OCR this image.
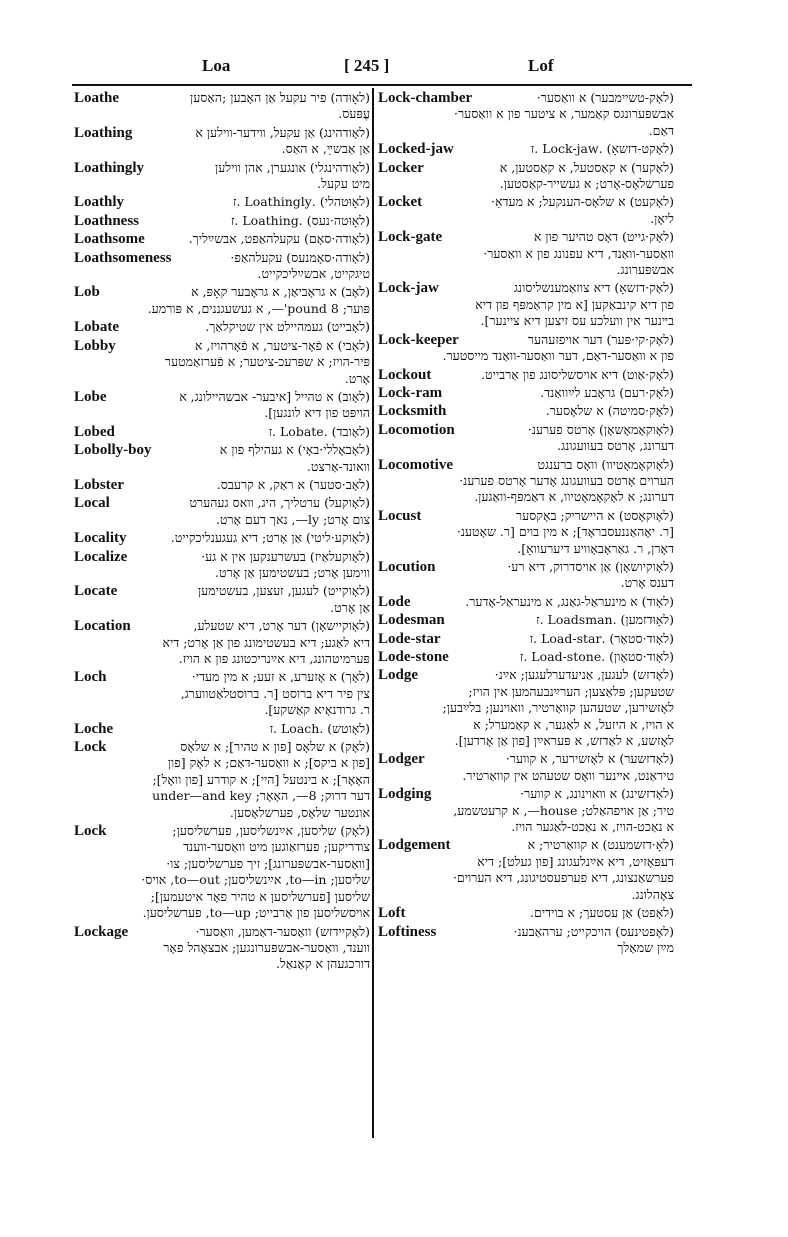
Loa	[ 245 ]	Lof
Loathe	(לאָוּדה) פיר עקעל אַן האָבען ;האַסען
עֶפּעס.
Loathing	(לאָודהינג) אַן עקעל, ווידער-ווילען א
אַן אַבשײַ, א האַס.
Loathingly	(לאָודהינגלי) אונגערן, אהן ווילען
מיט עקעל.
Loathly	(לאָוּטהלי) .Loathingly .ז
Loathness	(לאָוּטה·נעס) .Loathing .ז
Loathsome	(לאָודה·סאָם) עקעלהאַפט, אבשײַליך.
Loathsomeness	(לאָודה·סאָמנעס) עקעלהאַפ·
טיגקייט, אבשײַליכקייט.
Lob	(לאָב) א גראָביאַן, א גראָבער קאָפּ, א
פּוער; pound 8'—, א געשעגננים, א פּורמע.
Lobate	(לאָבייט) געמהיילט אין שטיקלאַך.
Lobby	(לאָבי) א פֿאָר-ציטער, א פֿאָרהויז, א
פּיר-הויז; א שפּרעכ-ציטער; א פֿערזאַמטער
אָרט.
Lobe	(לאָוב) א טהייל [איבער- אבשהיילונג, א
הויפּט פון דיא לונגען].
Lobed	(לאָובד) .Lobate .ז
Lobolly-boy	(לאָבאָללי·באָי) א געהילף פון א
וואונד-אַרצט.
Lobster	(לאָב·סטער) א ראַק, א קרעבס.
Local	(לאָוקעל) ערטליך, היג, וואס געהערט
צום אָרט; ly—, נאך דעם אָרט.
Locality	(לאָוקע·ליטי) אַן אָרט; דיא געגענליכקייט.
Localize	(לאָוקעלאַיז) בעשרענקען אין א גע·
ווימען אָרט; בעשטימען אַן אָרט.
Locate	(לאָוקייט) לעגען, זעצען, בעשטימען
אַן אָרט.
Location	(לאָוקיישאָן) דער אָרט, דיא שטעלע,
דיא לאַגע; דיא בעשטימונג פון אַן אָרט; דיא
פּערמיטהונג, דיא אײַנריכטונג פון א הויז.
Loch	(לאָך) א אָזערע, א זעע; א מין מעדי·
צין פיר דיא ברוסט [ר. ברוסטלאַטווערג,
ר. גרודנאָיא קאַשקע].
Loche	(לאָוטש) .Loach .ז
Lock	(לאָק) א שלאָס [פון א טהיר]; א שלאָס
[פון א ביקס]; א וואַסער-דאַם; א לאָק [פון
האָאָר]; א בינטעל [היי]; א קודרע [פון וואָל];
דער דרוק; 8—, האָאָר; under—and key
אונטער שלאָס, פערשלאָסען.
Lock	(לאָק) שליסען, אײַנשליסען, פערשליסען;
צודריקען; פערזאַוגען מיט וואַסער-ווענד
[וואַסער-אבשפּערונג]; זיך פערשליסען; צו·
שליסען; to—in, אײַנשליסען; to—out, אויס·
שליסען [פערשליסען א טהיר פאָר איטעמען];
אויסשליסען פון אַרבייט; to—up, פערשליסען.
Lockage	(לאָקיידזש) וואַסער-דאַמען, וואַסער·
ווענד, וואַסער-אבשפּערונגען; אבצאָהל פאָר
דורכגעהן א קאַנאַל.
Lock-chamber	(לאָק-טשיימבער) א וואַסער·
אבשפּערונגס קאַמער, א ציטער פון א וואַסער·
דאַם.
Locked-jaw	(לאָקט-דזשאָ) .Lock-jaw .ז
Locker	(לאָקער) א קאַסטעל, א קאַסטען, א
פערשלאָס-אָרט; א געשייר-קאַסטען.
Locket	(לאָקעט) א שלאָס-הענקעל; א מעדאַ·
ליאָן.
Lock-gate	(לאָק·גייט) דאָס טהיער פון א
וואַסער-וואַנד, דיא עפנונג פון א וואַסער·
אבשפּערונג.
Lock-jaw	(לאָק·דזשאָ) דיא צוזאַמענשליסונג
פון דיא קינבאַקען [א מין קראַמפּף פון דיא
בײנער אין וועלכע עס זיצען דיא ציינער].
Lock-keeper	(לאָק·קי·פּער) דער אויפזעהער
פון א וואַסער-דאַם, דער וואַסער-וואַנד מייסטער.
Lockout	(לאָק·אַוט) דיא אויסשליסונג פון אַרבייט.
Lock-ram	(לאָק·רעם) גראָבע לײַוואַנד.
Locksmith	(לאָק·סמיטה) א שלאָסער.
Locomotion	(לאָוקאָמאָשאָן) אָרטס פערענ·
דערונג, אָרטס בעוועגונג.
Locomotive	(לאָוקאָמאָטיוו) וואָס ברענגט
הערוים אָרטס בעוועגונג אָדער אָרטס פערענ·
דערונג; א לאָקאָמאָטיוו, א דאַמפּף-וואַגען.
Locust	(לאָוקאָסט) א היישריק; באָקסער
[ר. יאָהאַננעסבראָד]; א מין בוים [ר. שאָטענ·
דאָרן, ר. גאַראָבאָוויע דיערעוואָ].
Locution	(לאָוקיושאָן) אַן אויסדרוק, דיא רע·
דענס אָרט.
Lode	(לאָוד) א מינעראַל-גאַנג, א מינעראַל-אָדער.
Lodesman	(לאָוּדזמען) .Loadsman .ז
Lode-star	(לאָוד·סטאַר) .Load-star .ז
Lode-stone	(לאָוד·סטאָון) .Load-stone .ז
Lodge	(לאָדזש) לעגען, אַניעדערלעגען; אײַנ·
שטעקען; פּלאַצען; הערײַנבעהמען אין הויז;
לאָזשירען, שטעהען קוואַרטיר, וואוינען; בלײַבען;
א הויז, א היזעל, א לאַגער, א קאַמערל; א
לאָזשע, א לאַדזש, א פּעראײַן [פון אַן אָרדען].
Lodger	(לאָדזשער) א לאָזשירער, א קווער·
טיראַנט, אײנער וואָס שטעהט אין קוואַרטיר.
Lodging	(לאָדזשינג) א וואוינונג, א קווער·
טיר; אַן אויפהאַלט; house—, א קרעטשמע,
א נאַכט-הויז, א נאַכט-לאַגער הויז.
Lodgement	(לאָ·דזשמענט) א קוואַרטיר; א
דעפּאָזיט, דיא אײַנלעגונג [פון געלט]; דיא
פערשאַנצונג, דיא פערפעסטיגונג, דיא הערוים·
צאָהלונג.
Loft	(לאָפט) אַן עסטעך; א בוידים.
Loftiness	(לאָפטינעס) הויכקייט; ערהאַבענ·
מײַן שמאַלך
